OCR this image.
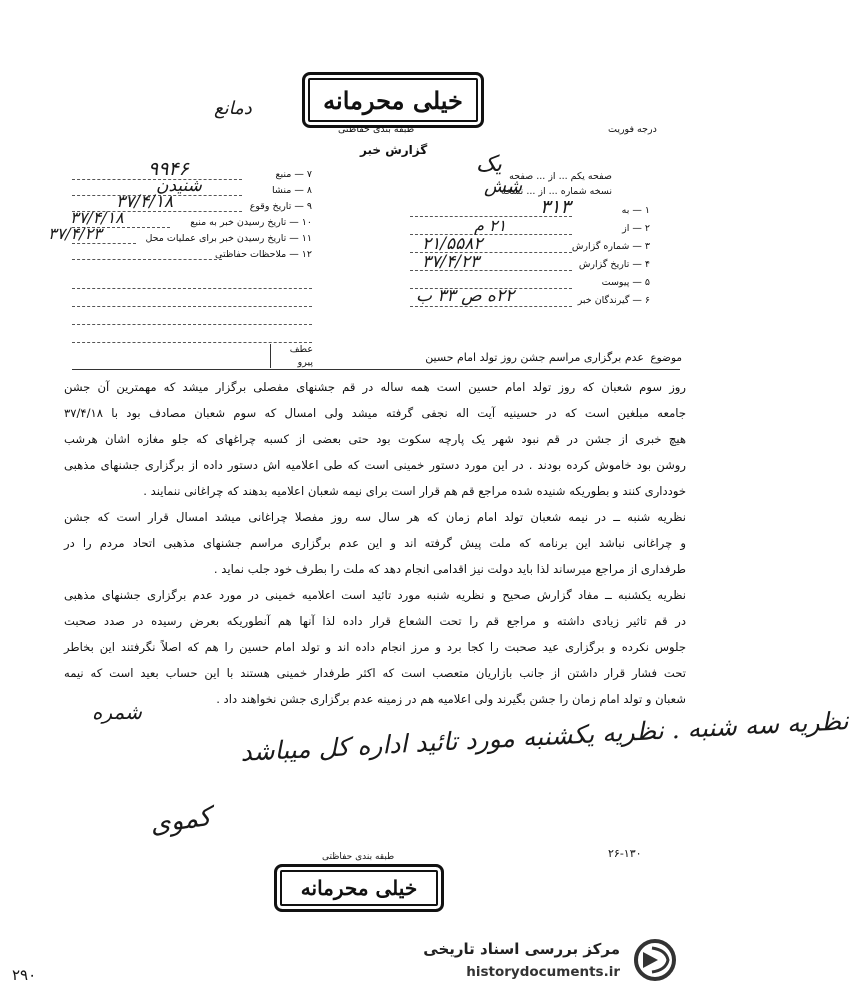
خیلی محرمانه
دمانع
طبقه بندی حفاظتی	درجه فوریت
گزارش خبر
صفحه یکم ... از ... صفحه
نسخه شماره ... از ... نسخه
یک
شش
۱ — به
۳۱۳
۲ — از
۲۱ م
۳ — شماره گزارش
۲۱/۵۵۸۲
۴ — تاریخ گزارش
۳۷/۴/۲۳
۵ — پیوست
۶ — گیرندگان خبر
۲۲ه ص ۳۳ ب
۷ — منبع
۹۹۴۶
۸ — منشا
شنیدن
۹ — تاریخ وقوع
۳۷/۴/۱۸
۱۰ — تاریخ رسیدن خبر به منبع
۳۷/۴/۱۸
۱۱ — تاریخ رسیدن خبر برای عملیات محل
۳۷/۴/۲۳
۱۲ — ملاحظات حفاظتی
عطف
پیرو	موضوع
عدم برگزاری مراسم جشن روز تولد امام حسین
روز سوم شعبان که روز تولد امام حسین است همه ساله در قم جشنهای مفصلی برگزار میشد که مهمترین آن جشن
جامعه مبلغین است که در حسینیه آیت اله نجفی گرفته میشد ولی امسال که سوم شعبان مصادف بود با ۳۷/۴/۱۸
هیچ خبری از جشن در قم نبود شهر یک پارچه سکوت بود حتی بعضی از کسبه چراغهای که جلو مغازه اشان هرشب
روشن بود خاموش کرده بودند . در این مورد دستور خمینی است که طی اعلامیه اش دستور داده از برگزاری جشنهای مذهبی
خودداری کنند و بطوریکه شنیده شده مراجع قم هم قرار است برای نیمه شعبان اعلامیه بدهند که چراغانی ننمایند .
نظریه شنبه ــ در نیمه شعبان تولد امام زمان که هر سال سه روز مفصلا چراغانی میشد امسال قرار است که جشن
و چراغانی نباشد این برنامه که ملت پیش گرفته اند و این عدم برگزاری مراسم جشنهای مذهبی اتحاد مردم را در
طرفداری از مراجع میرساند لذا باید دولت نیز اقدامی انجام دهد که ملت را بطرف خود جلب نماید .
نظریه یکشنبه ــ مفاد گزارش صحیح و نظریه شنبه مورد تائید است اعلامیه خمینی در مورد عدم برگزاری جشنهای مذهبی
در قم تاثیر زیادی داشته و مراجع قم را تحت الشعاع قرار داده لذا آنها هم آنطوریکه بعرض رسیده در صدد صحبت
جلوس نکرده و برگزاری عید صحبت را کجا برد و مرز انجام داده اند و تولد امام حسین را هم که اصلاً نگرفتند این بخاطر
تحت فشار قرار داشتن از جانب بازاریان متعصب است که اکثر طرفدار خمینی هستند با این حساب بعید است که نیمه
شعبان و تولد امام زمان را جشن بگیرند ولی اعلامیه هم در زمینه عدم برگزاری جشن نخواهند داد .
شمره	نظریه سه شنبه . نظریه یکشنبه مورد تائید اداره کل میباشد
کموی
۲۶-۱۳۰
طبقه بندی حفاظتی
خیلی محرمانه
۲۹۰
مرکز بررسی اسناد تاریخی
historydocuments.ir
